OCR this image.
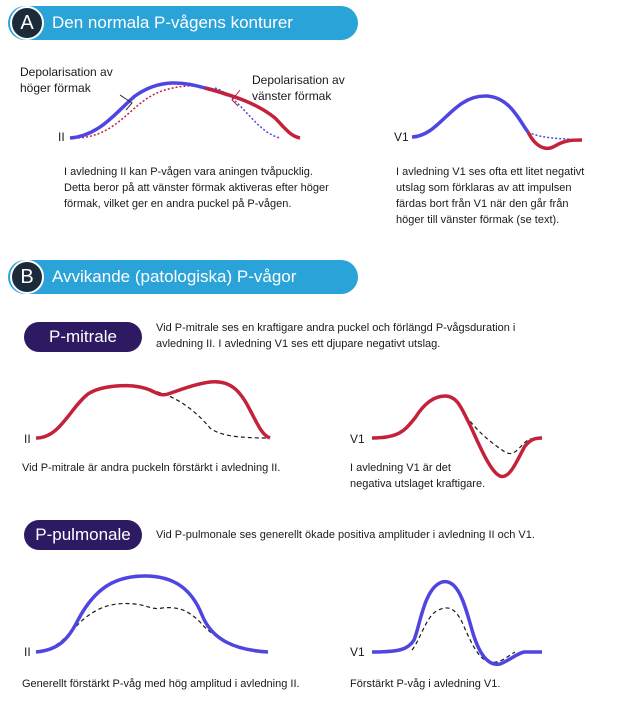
A	Den normala P-vågens konturer
Depolarisation av
höger förmak
Depolarisation av
vänster förmak
II	V1
I avledning II kan P-vågen vara aningen tvåpucklig.
Detta beror på att vänster förmak aktiveras efter höger
förmak, vilket ger en andra puckel på P-vågen.
I avledning V1 ses ofta ett litet negativt
utslag som förklaras av att impulsen
färdas bort från V1 när den går från
höger till vänster förmak (se text).
B	Avvikande (patologiska) P-vågor
P-mitrale	Vid P-mitrale ses en kraftigare andra puckel och förlängd P-vågsduration i
avledning II. I avledning V1 ses ett djupare negativt utslag.
II	V1
Vid P-mitrale är andra puckeln förstärkt i avledning II.	I avledning V1 är det
negativa utslaget kraftigare.
P-pulmonale	Vid P-pulmonale ses generellt ökade positiva amplituder i avledning II och V1.
II	V1
Generellt förstärkt P-våg med hög amplitud i avledning II.	Förstärkt P-våg i avledning V1.
